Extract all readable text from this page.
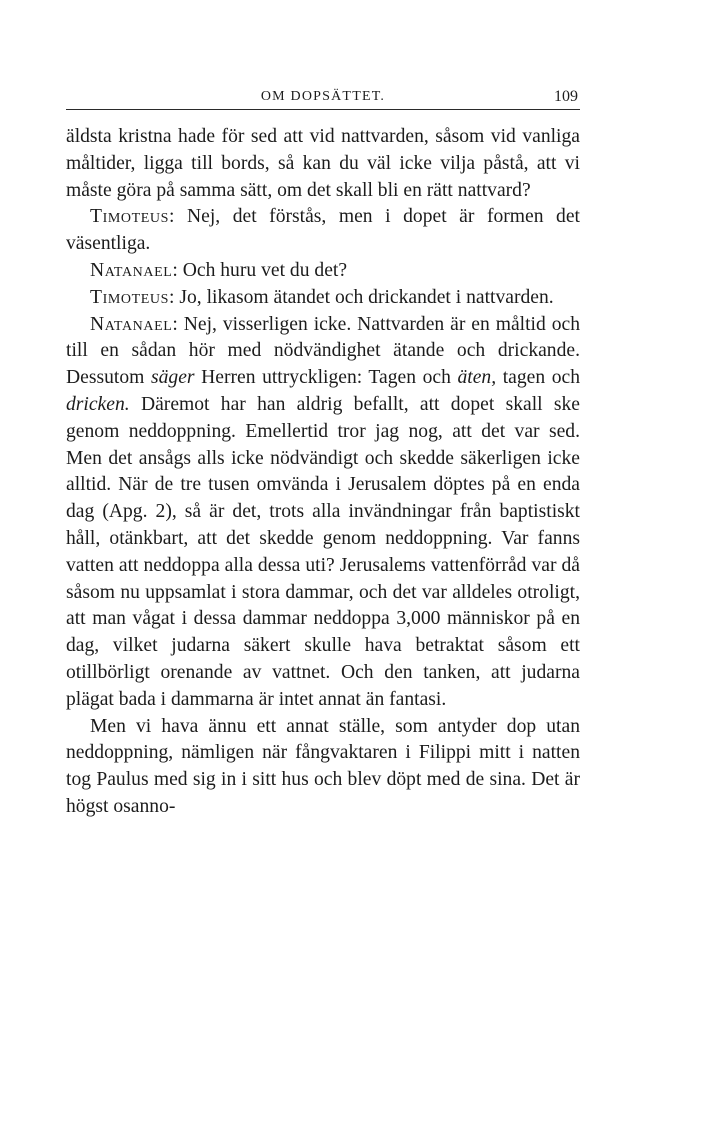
OM DOPSÄTTET.	109

äldsta kristna hade för sed att vid nattvarden, såsom vid vanliga måltider, ligga till bords, så kan du väl icke vilja påstå, att vi måste göra på samma sätt, om det skall bli en rätt nattvard?

Timoteus: Nej, det förstås, men i dopet är formen det väsentliga.

Natanael: Och huru vet du det?

Timoteus: Jo, likasom ätandet och drickandet i nattvarden.

Natanael: Nej, visserligen icke. Nattvarden är en måltid och till en sådan hör med nödvändighet ätande och drickande. Dessutom säger Herren uttryckligen: Tagen och äten, tagen och dricken. Däremot har han aldrig befallt, att dopet skall ske genom neddoppning. Emellertid tror jag nog, att det var sed. Men det ansågs alls icke nödvändigt och skedde säkerligen icke alltid. När de tre tusen omvända i Jerusalem döptes på en enda dag (Apg. 2), så är det, trots alla invändningar från baptistiskt håll, otänkbart, att det skedde genom neddoppning. Var fanns vatten att neddoppa alla dessa uti? Jerusalems vattenförråd var då såsom nu uppsamlat i stora dammar, och det var alldeles otroligt, att man vågat i dessa dammar neddoppa 3,000 människor på en dag, vilket judarna säkert skulle hava betraktat såsom ett otillbörligt orenande av vattnet. Och den tanken, att judarna plägat bada i dammarna är intet annat än fantasi.

Men vi hava ännu ett annat ställe, som antyder dop utan neddoppning, nämligen när fångvaktaren i Filippi mitt i natten tog Paulus med sig in i sitt hus och blev döpt med de sina. Det är högst osanno-
